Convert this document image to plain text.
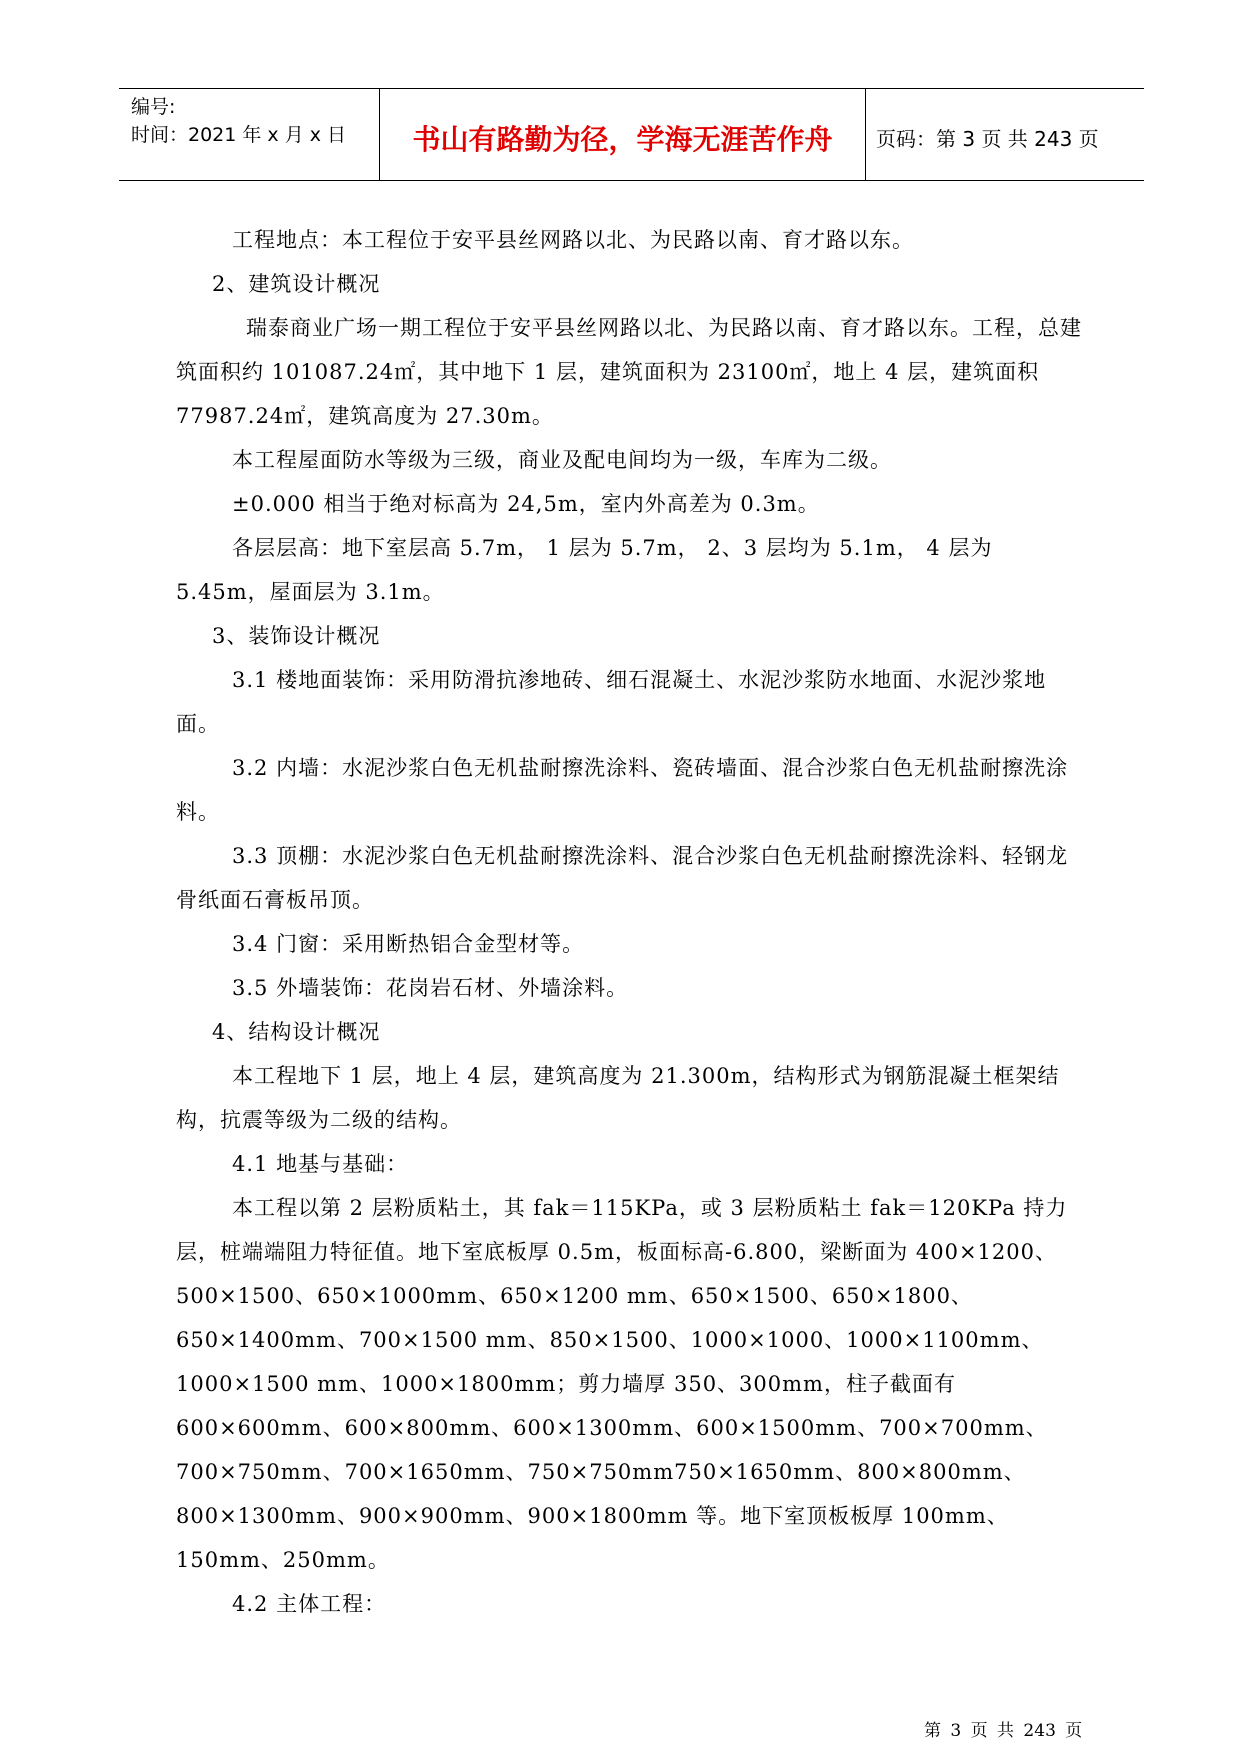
编号:
时间：2021 年 x 月 x 日	书山有路勤为径，学海无涯苦作舟	页码：第 3 页 共 243 页

工程地点：本工程位于安平县丝网路以北、为民路以南、育才路以东。

2、建筑设计概况

瑞泰商业广场一期工程位于安平县丝网路以北、为民路以南、育才路以东。工程，总建筑面积约 101087.24㎡，其中地下 1 层，建筑面积为 23100㎡，地上 4 层，建筑面积 77987.24㎡，建筑高度为 27.30m。

本工程屋面防水等级为三级，商业及配电间均为一级，车库为二级。

±0.000 相当于绝对标高为 24,5m，室内外高差为 0.3m。

各层层高：地下室层高 5.7m， 1 层为 5.7m， 2、3 层均为 5.1m， 4 层为 5.45m，屋面层为 3.1m。

3、装饰设计概况

3.1 楼地面装饰：采用防滑抗渗地砖、细石混凝土、水泥沙浆防水地面、水泥沙浆地面。

3.2 内墙：水泥沙浆白色无机盐耐擦洗涂料、瓷砖墙面、混合沙浆白色无机盐耐擦洗涂料。

3.3 顶棚：水泥沙浆白色无机盐耐擦洗涂料、混合沙浆白色无机盐耐擦洗涂料、轻钢龙骨纸面石膏板吊顶。

3.4 门窗：采用断热铝合金型材等。

3.5 外墙装饰：花岗岩石材、外墙涂料。

4、结构设计概况

本工程地下 1 层，地上 4 层，建筑高度为 21.300m，结构形式为钢筋混凝土框架结构，抗震等级为二级的结构。

4.1 地基与基础：

本工程以第 2 层粉质粘土，其 fak＝115KPa，或 3 层粉质粘土 fak＝120KPa 持力层，桩端端阻力特征值。地下室底板厚 0.5m，板面标高-6.800，梁断面为 400×1200、500×1500、650×1000mm、650×1200 mm、650×1500、650×1800、650×1400mm、700×1500 mm、850×1500、1000×1000、1000×1100mm、1000×1500 mm、1000×1800mm；剪力墙厚 350、300mm，柱子截面有 600×600mm、600×800mm、600×1300mm、600×1500mm、700×700mm、700×750mm、700×1650mm、750×750mm750×1650mm、800×800mm、800×1300mm、900×900mm、900×1800mm 等。地下室顶板板厚 100mm、150mm、250mm。

4.2 主体工程：

第 3 页 共 243 页
